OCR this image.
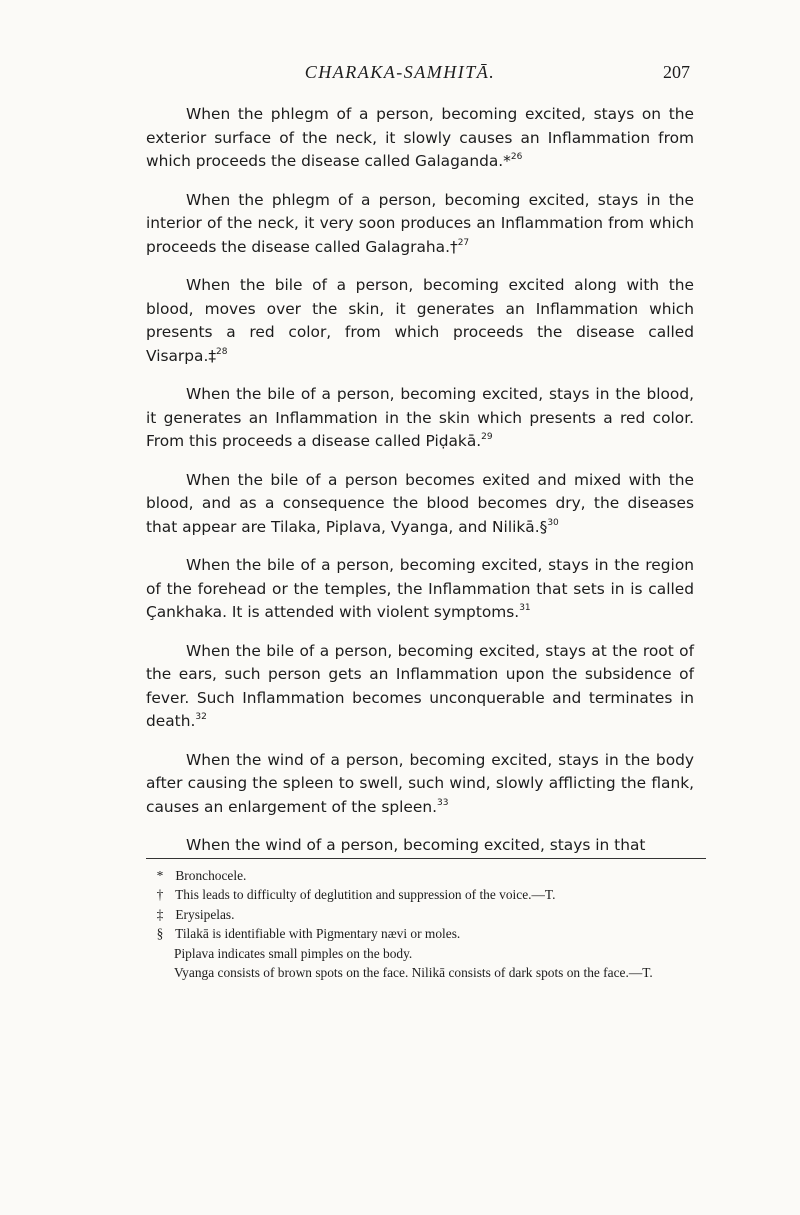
CHARAKA-SAMHITĀ.	207

When the phlegm of a person, becoming excited, stays on the exterior surface of the neck, it slowly causes an Inflammation from which proceeds the disease called Galaganda.*$^{26}$

When the phlegm of a person, becoming excited, stays in the interior of the neck, it very soon produces an Inflammation from which proceeds the disease called Galagraha.†$^{27}$

When the bile of a person, becoming excited along with the blood, moves over the skin, it generates an Inflammation which presents a red color, from which proceeds the disease called Visarpa.‡$^{28}$

When the bile of a person, becoming excited, stays in the blood, it generates an Inflammation in the skin which presents a red color. From this proceeds a disease called Piḍakā.$^{29}$

When the bile of a person becomes exited and mixed with the blood, and as a consequence the blood becomes dry, the diseases that appear are Tilaka, Piplava, Vyanga, and Nilikā.§$^{30}$

When the bile of a person, becoming excited, stays in the region of the forehead or the temples, the Inflammation that sets in is called Çankhaka. It is attended with violent symptoms.$^{31}$

When the bile of a person, becoming excited, stays at the root of the ears, such person gets an Inflammation upon the subsidence of fever. Such Inflammation becomes unconquerable and terminates in death.$^{32}$

When the wind of a person, becoming excited, stays in the body after causing the spleen to swell, such wind, slowly afflicting the flank, causes an enlargement of the spleen.$^{33}$

When the wind of a person, becoming excited, stays in that

* Bronchocele.

† This leads to difficulty of deglutition and suppression of the voice.—T.

‡ Erysipelas.

§ Tilakā is identifiable with Pigmentary nævi or moles.

Piplava indicates small pimples on the body.

Vyanga consists of brown spots on the face. Nilikā consists of dark spots on the face.—T.
